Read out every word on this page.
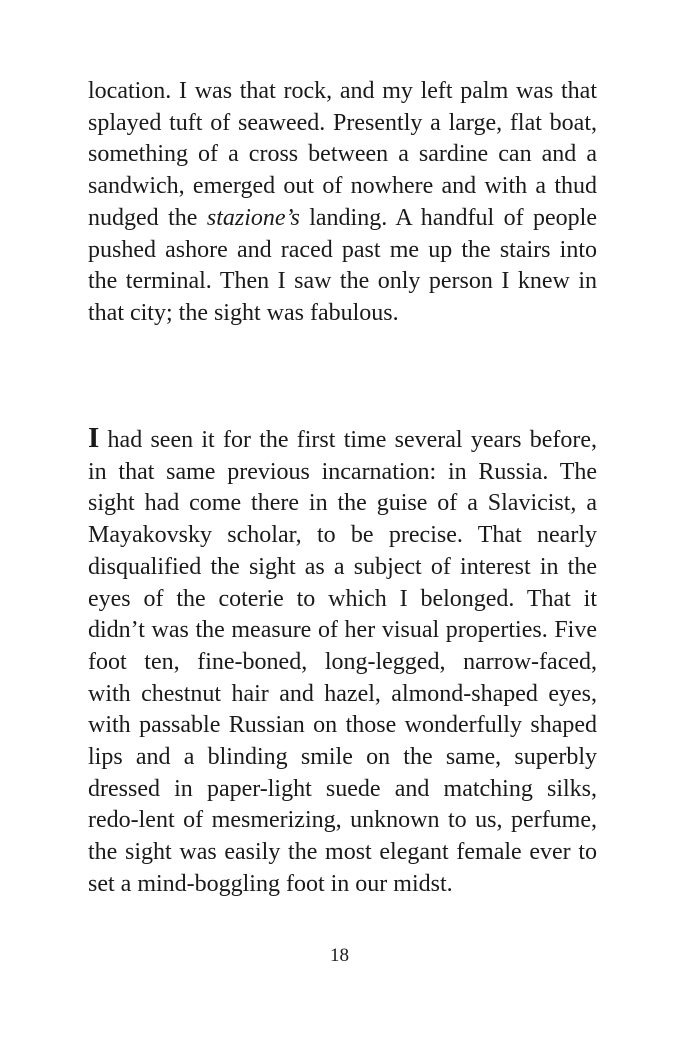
location. I was that rock, and my left palm was that splayed tuft of seaweed. Presently a large, flat boat, something of a cross between a sardine can and a sandwich, emerged out of nowhere and with a thud nudged the stazione’s landing. A handful of people pushed ashore and raced past me up the stairs into the terminal. Then I saw the only person I knew in that city; the sight was fabulous.

I had seen it for the first time several years before, in that same previous incarnation: in Russia. The sight had come there in the guise of a Slavicist, a Mayakovsky scholar, to be precise. That nearly disqualified the sight as a subject of interest in the eyes of the coterie to which I belonged. That it didn’t was the measure of her visual properties. Five foot ten, fine-boned, long-legged, narrow-faced, with chestnut hair and hazel, almond-shaped eyes, with passable Russian on those wonderfully shaped lips and a blinding smile on the same, superbly dressed in paper-light suede and matching silks, redo-lent of mesmerizing, unknown to us, perfume, the sight was easily the most elegant female ever to set a mind-boggling foot in our midst.

18
